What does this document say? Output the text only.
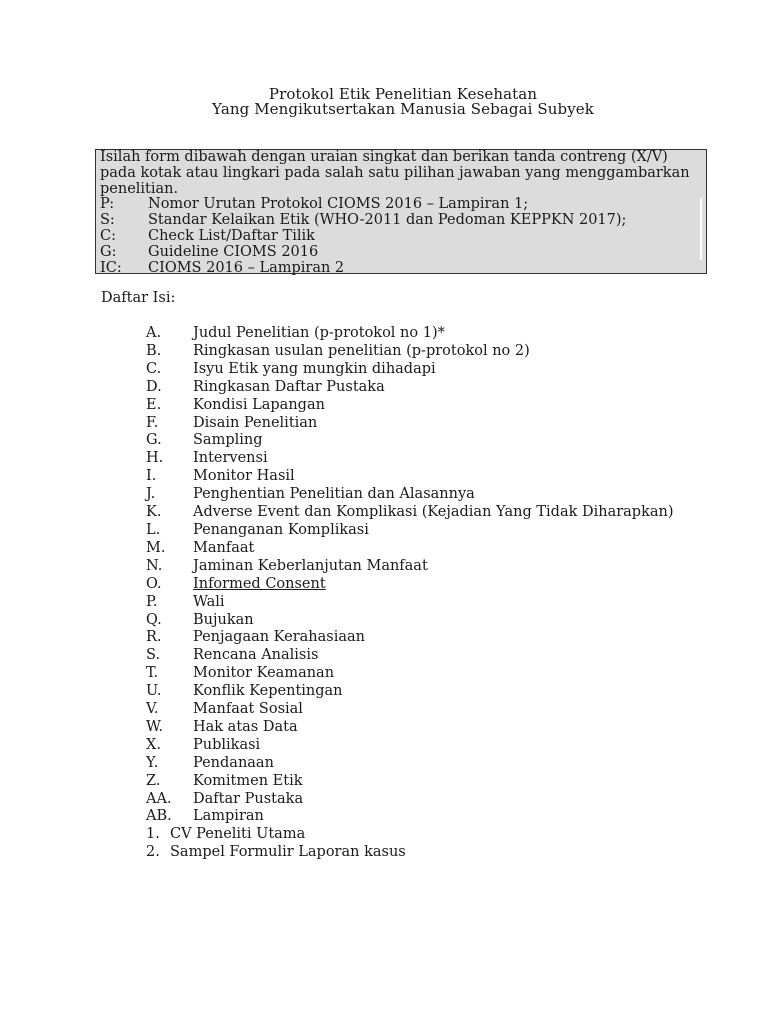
Protokol Etik Penelitian Kesehatan
Yang Mengikutsertakan Manusia Sebagai Subyek

Isilah form dibawah dengan uraian singkat dan berikan tanda contreng (X/V) pada kotak atau lingkari pada salah satu pilihan jawaban yang menggambarkan penelitian.

P:	Nomor Urutan Protokol CIOMS 2016 – Lampiran 1;
S:	Standar Kelaikan Etik (WHO-2011 dan Pedoman KEPPKN 2017);
C:	Check List/Daftar Tilik
G:	Guideline CIOMS 2016
IC:	CIOMS 2016 – Lampiran 2
Daftar Isi:
A.	Judul Penelitian (p-protokol no 1)*
B.	Ringkasan usulan penelitian (p-protokol no 2)
C.	Isyu Etik yang mungkin dihadapi
D.	Ringkasan Daftar Pustaka
E.	Kondisi Lapangan
F.	Disain Penelitian
G.	Sampling
H.	Intervensi
I.	Monitor Hasil
J.	Penghentian Penelitian dan Alasannya
K.	Adverse Event dan Komplikasi (Kejadian Yang Tidak Diharapkan)
L.	Penanganan Komplikasi
M.	Manfaat
N.	Jaminan Keberlanjutan Manfaat
O.	Informed Consent
P.	Wali
Q.	Bujukan
R.	Penjagaan Kerahasiaan
S.	Rencana Analisis
T.	Monitor Keamanan
U.	Konflik Kepentingan
V.	Manfaat Sosial
W.	Hak atas Data
X.	Publikasi
Y.	Pendanaan
Z.	Komitmen Etik
AA.	Daftar Pustaka
AB.	Lampiran
1. CV Peneliti Utama
2. Sampel Formulir Laporan kasus
